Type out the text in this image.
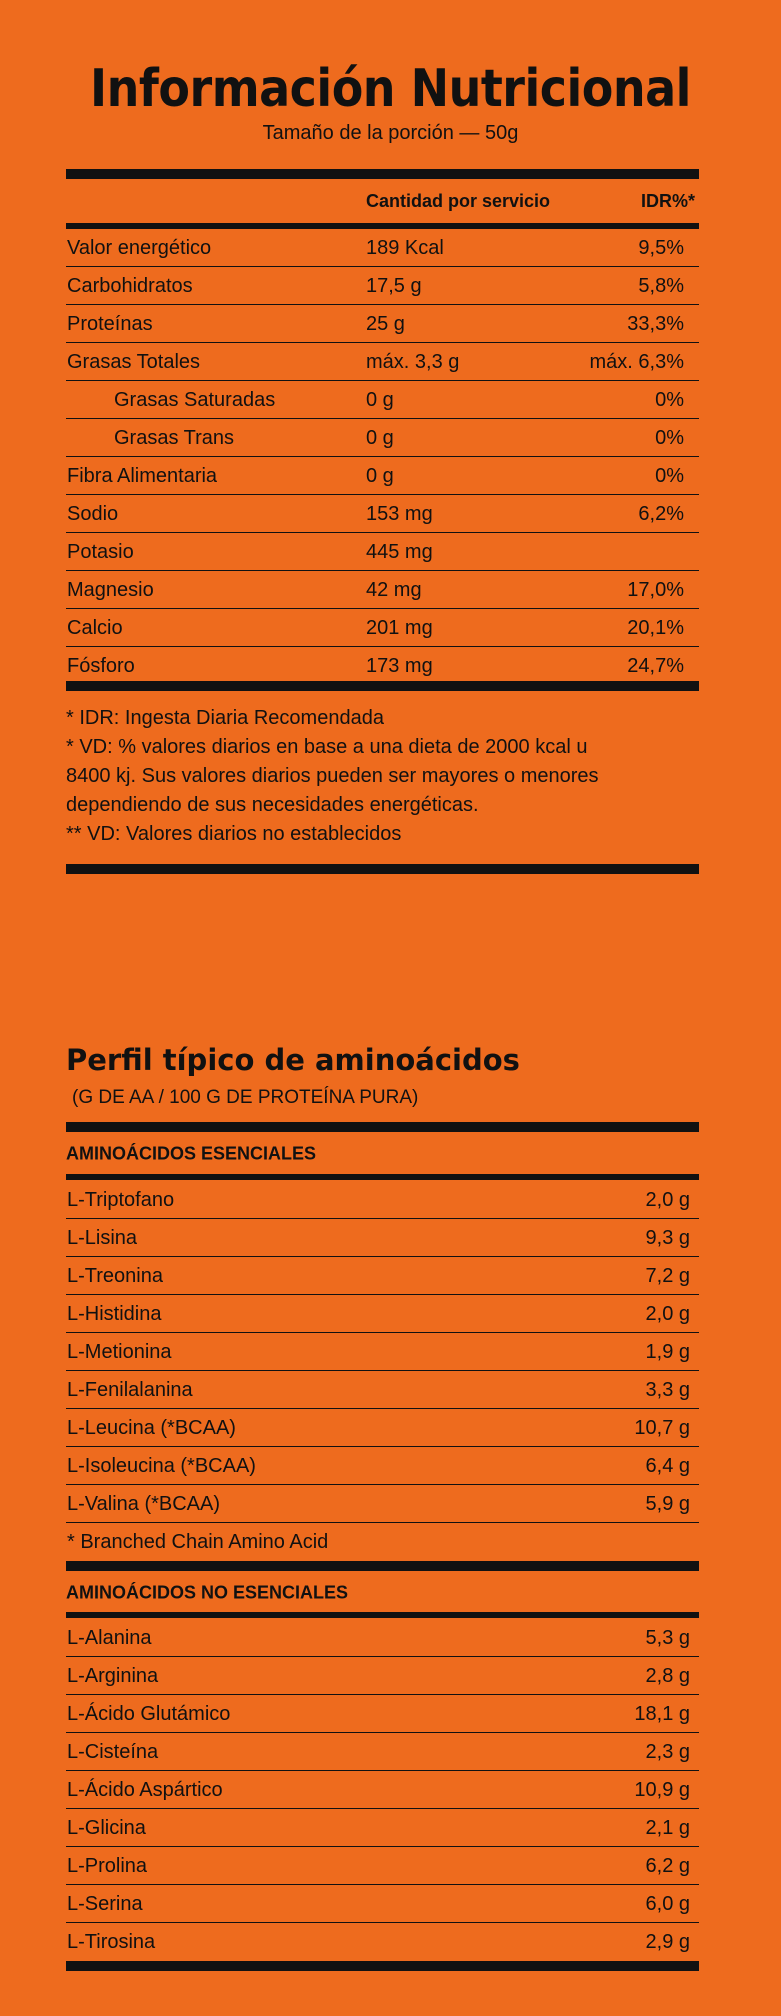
Información Nutricional
Tamaño de la porción — 50g
Cantidad por servicio	IDR%*
Valor energético	189 Kcal	9,5%
Carbohidratos	17,5 g	5,8%
Proteínas	25 g	33,3%
Grasas Totales	máx. 3,3 g	máx. 6,3%
Grasas Saturadas	0 g	0%
Grasas Trans	0 g	0%
Fibra Alimentaria	0 g	0%
Sodio	153 mg	6,2%
Potasio	445 mg
Magnesio	42 mg	17,0%
Calcio	201 mg	20,1%
Fósforo	173 mg	24,7%
* IDR: Ingesta Diaria Recomendada
* VD: % valores diarios en base a una dieta de 2000 kcal u
8400 kj. Sus valores diarios pueden ser mayores o menores
dependiendo de sus necesidades energéticas.
** VD: Valores diarios no establecidos
Perfil típico de aminoácidos
(G DE AA / 100 G DE PROTEÍNA PURA)
AMINOÁCIDOS ESENCIALES
L-Triptofano	2,0 g
L-Lisina	9,3 g
L-Treonina	7,2 g
L-Histidina	2,0 g
L-Metionina	1,9 g
L-Fenilalanina	3,3 g
L-Leucina (*BCAA)	10,7 g
L-Isoleucina (*BCAA)	6,4 g
L-Valina (*BCAA)	5,9 g
* Branched Chain Amino Acid
AMINOÁCIDOS NO ESENCIALES
L-Alanina	5,3 g
L-Arginina	2,8 g
L-Ácido Glutámico	18,1 g
L-Cisteína	2,3 g
L-Ácido Aspártico	10,9 g
L-Glicina	2,1 g
L-Prolina	6,2 g
L-Serina	6,0 g
L-Tirosina	2,9 g
